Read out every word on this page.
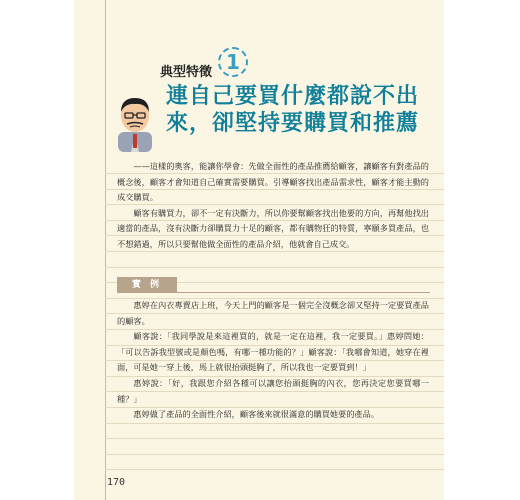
典型特徵 1
連自己要買什麼都說不出來，卻堅持要購買和推薦

——這樣的奧客，能讓你學會：先做全面性的產品推薦給顧客，讓顧客有對產品的概念後，顧客才會知道自己確實需要購買。引導顧客找出產品需求性，顧客才能主動的成交購買。

顧客有購買力，卻不一定有決斷力，所以你要幫顧客找出他要的方向，再幫他找出適當的產品，沒有決斷力卻購買力十足的顧客，都有購物狂的特質，寧願多買產品，也不想錯過，所以只要幫他做全面性的產品介紹，他就會自己成交。

實 例

惠婷在內衣專賣店上班，今天上門的顧客是一個完全沒概念卻又堅持一定要買產品的顧客。

顧客說：「我同學說是來這裡買的，就是一定在這裡，我一定要買。」惠婷問她：「可以告訴我型號或是顏色嗎，有哪一種功能的？」顧客說：「我哪會知道，她穿在裡面，可是她一穿上後，馬上就很抬頭挺胸了，所以我也一定要買到！」

惠婷說：「好，我跟您介紹各種可以讓您抬頭挺胸的內衣，您再決定您要買哪一種？」

惠婷做了產品的全面性介紹，顧客後來就很滿意的購買她要的產品。

170
